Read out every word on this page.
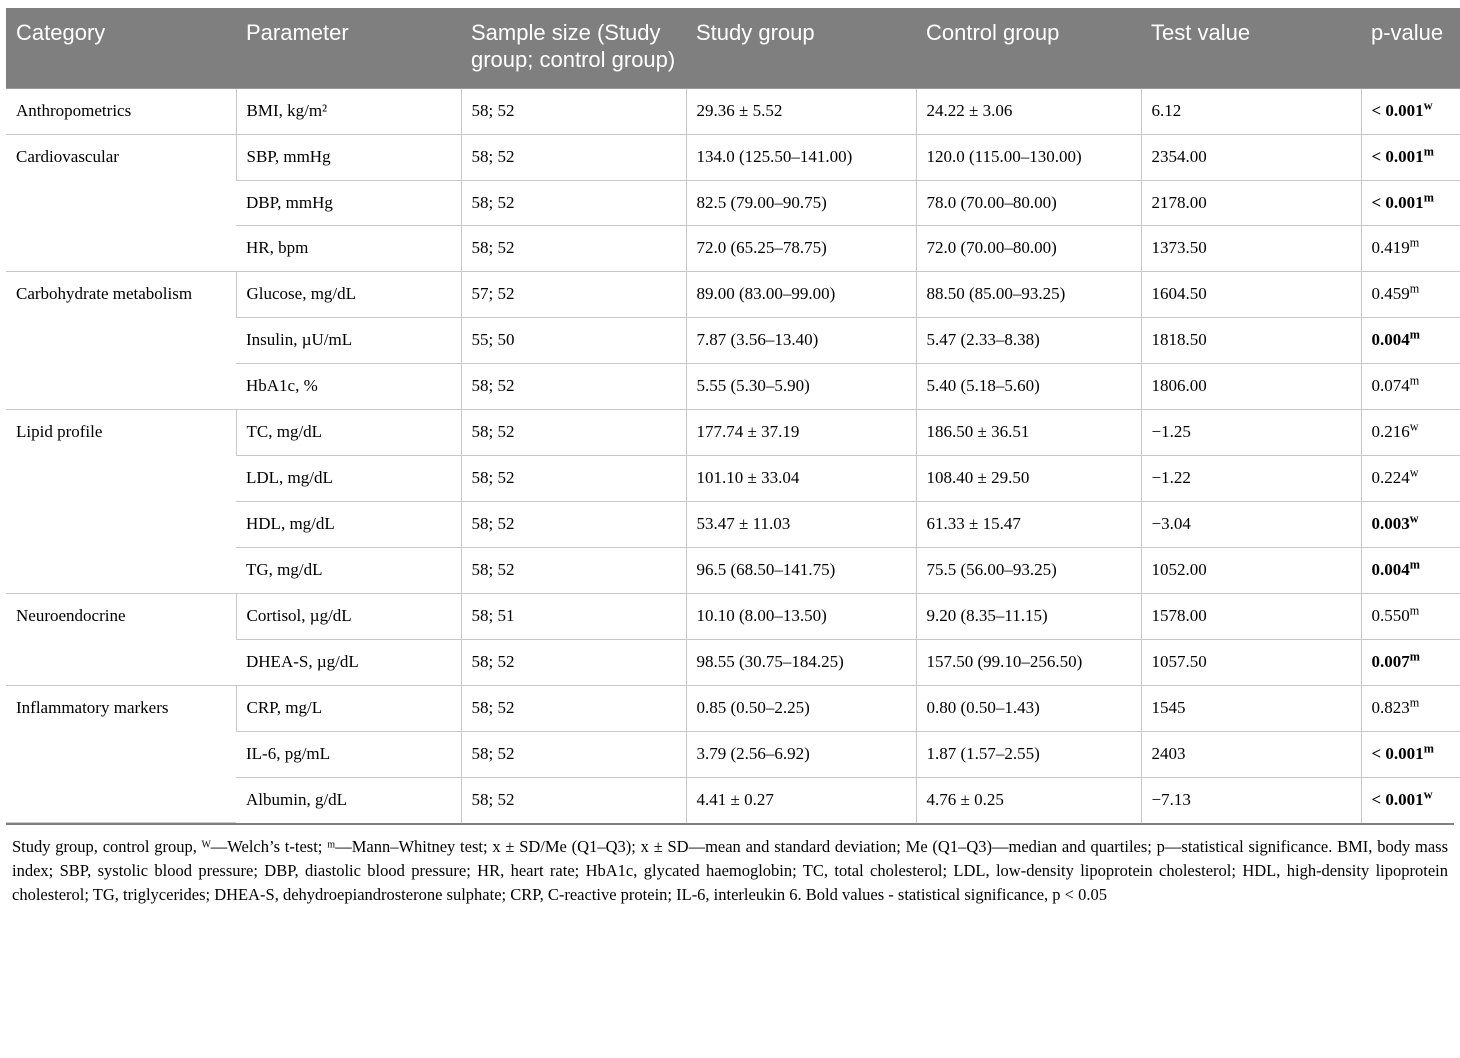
Category	Parameter	Sample size (Study group; control group)	Study group	Control group	Test value	p-value
Anthropometrics	BMI, kg/m²	58; 52	29.36 ± 5.52	24.22 ± 3.06	6.12	< $0.001^w$
Cardiovascular	SBP, mmHg	58; 52	134.0 (125.50–141.00)	120.0 (115.00–130.00)	2354.00	< $0.001^m$
	DBP, mmHg	58; 52	82.5 (79.00–90.75)	78.0 (70.00–80.00)	2178.00	< $0.001^m$
	HR, bpm	58; 52	72.0 (65.25–78.75)	72.0 (70.00–80.00)	1373.50	0.419$^m$
Carbohydrate metabolism	Glucose, mg/dL	57; 52	89.00 (83.00–99.00)	88.50 (85.00–93.25)	1604.50	0.459$^m$
	Insulin, µU/mL	55; 50	7.87 (3.56–13.40)	5.47 (2.33–8.38)	1818.50	0.004$^m$
	HbA1c, %	58; 52	5.55 (5.30–5.90)	5.40 (5.18–5.60)	1806.00	0.074$^m$
Lipid profile	TC, mg/dL	58; 52	177.74 ± 37.19	186.50 ± 36.51	−1.25	0.216$^w$
	LDL, mg/dL	58; 52	101.10 ± 33.04	108.40 ± 29.50	−1.22	0.224$^w$
	HDL, mg/dL	58; 52	53.47 ± 11.03	61.33 ± 15.47	−3.04	0.003$^w$
	TG, mg/dL	58; 52	96.5 (68.50–141.75)	75.5 (56.00–93.25)	1052.00	0.004$^m$
Neuroendocrine	Cortisol, µg/dL	58; 51	10.10 (8.00–13.50)	9.20 (8.35–11.15)	1578.00	0.550$^m$
	DHEA-S, µg/dL	58; 52	98.55 (30.75–184.25)	157.50 (99.10–256.50)	1057.50	0.007$^m$
Inflammatory markers	CRP, mg/L	58; 52	0.85 (0.50–2.25)	0.80 (0.50–1.43)	1545	0.823$^m$
	IL-6, pg/mL	58; 52	3.79 (2.56–6.92)	1.87 (1.57–2.55)	2403	< $0.001^m$
	Albumin, g/dL	58; 52	4.41 ± 0.27	4.76 ± 0.25	−7.13	< $0.001^w$
Study group, control group, ᵂ—Welch’s t-test; ᵐ—Mann–Whitney test; x ± SD/Me (Q1–Q3); x ± SD—mean and standard deviation; Me (Q1–Q3)—median and quartiles; p—statistical significance. BMI, body mass index; SBP, systolic blood pressure; DBP, diastolic blood pressure; HR, heart rate; HbA1c, glycated haemoglobin; TC, total cholesterol; LDL, low-density lipoprotein cholesterol; HDL, high-density lipoprotein cholesterol; TG, triglycerides; DHEA-S, dehydroepiandrosterone sulphate; CRP, C-reactive protein; IL-6, interleukin 6. Bold values - statistical significance, p < 0.05
